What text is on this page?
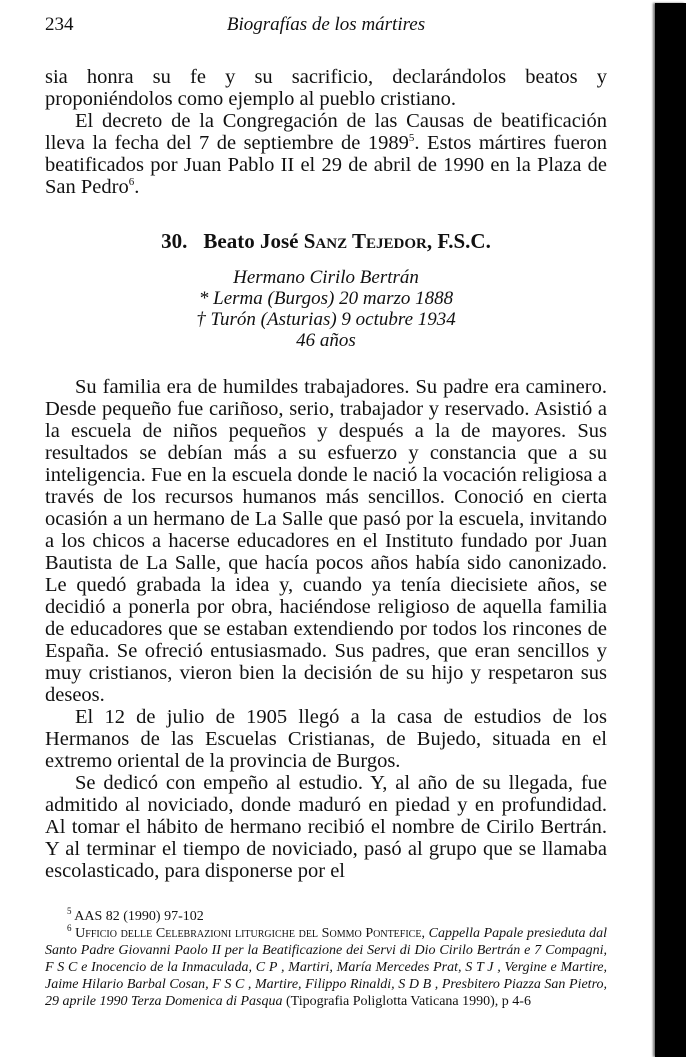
234	Biografías de los mártires

sia honra su fe y su sacrificio, declarándolos beatos y proponiéndolos como ejemplo al pueblo cristiano.

El decreto de la Congregación de las Causas de beatificación lleva la fecha del 7 de septiembre de 1989$^5$. Estos mártires fueron beatificados por Juan Pablo II el 29 de abril de 1990 en la Plaza de San Pedro$^6$.

30. Beato José Sanz Tejedor, F.S.C.
Hermano Cirilo Bertrán
* Lerma (Burgos) 20 marzo 1888
† Turón (Asturias) 9 octubre 1934
46 años

Su familia era de humildes trabajadores. Su padre era caminero. Desde pequeño fue cariñoso, serio, trabajador y reservado. Asistió a la escuela de niños pequeños y después a la de mayores. Sus resultados se debían más a su esfuerzo y constancia que a su inteligencia. Fue en la escuela donde le nació la vocación religiosa a través de los recursos humanos más sencillos. Conoció en cierta ocasión a un hermano de La Salle que pasó por la escuela, invitando a los chicos a hacerse educadores en el Instituto fundado por Juan Bautista de La Salle, que hacía pocos años había sido canonizado. Le quedó grabada la idea y, cuando ya tenía diecisiete años, se decidió a ponerla por obra, haciéndose religioso de aquella familia de educadores que se estaban extendiendo por todos los rincones de España. Se ofreció entusiasmado. Sus padres, que eran sencillos y muy cristianos, vieron bien la decisión de su hijo y respetaron sus deseos.

El 12 de julio de 1905 llegó a la casa de estudios de los Hermanos de las Escuelas Cristianas, de Bujedo, situada en el extremo oriental de la provincia de Burgos.

Se dedicó con empeño al estudio. Y, al año de su llegada, fue admitido al noviciado, donde maduró en piedad y en profundidad. Al tomar el hábito de hermano recibió el nombre de Cirilo Bertrán. Y al terminar el tiempo de noviciado, pasó al grupo que se llamaba escolasticado, para disponerse por el

$^5$ AAS 82 (1990) 97-102

$^6$ Ufficio delle Celebrazioni liturgiche del Sommo Pontefice, Cappella Papale presieduta dal Santo Padre Giovanni Paolo II per la Beatificazione dei Servi di Dio Cirilo Bertrán e 7 Compagni, F S C e Inocencio de la Inmaculada, C P , Martiri, María Mercedes Prat, S T J , Vergine e Martire, Jaime Hilario Barbal Cosan, F S C , Martire, Filippo Rinaldi, S D B , Presbitero Piazza San Pietro, 29 aprile 1990 Terza Domenica di Pasqua (Tipografia Poliglotta Vaticana 1990), p 4-6
